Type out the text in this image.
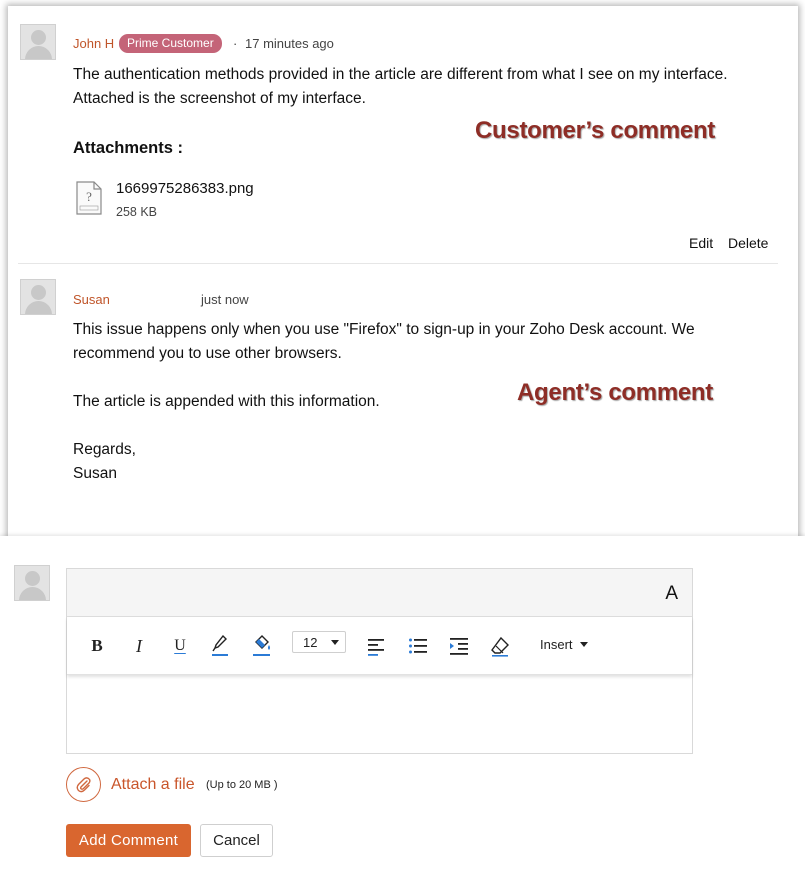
John H	Prime Customer	· 17 minutes ago
The authentication methods provided in the article are different from what I see on my interface.
Attached is the screenshot of my interface.
Customer’s comment
Attachments :
? 1669975286383.png
258 KB
Edit Delete
Susan	just now
This issue happens only when you use "Firefox" to sign-up in your Zoho Desk account. We
recommend you to use other browsers.
The article is appended with this information.
Regards,
Susan
Agent’s comment
A
B I	U	12	Insert
Attach a file (Up to 20 MB )
Add Comment	Cancel
